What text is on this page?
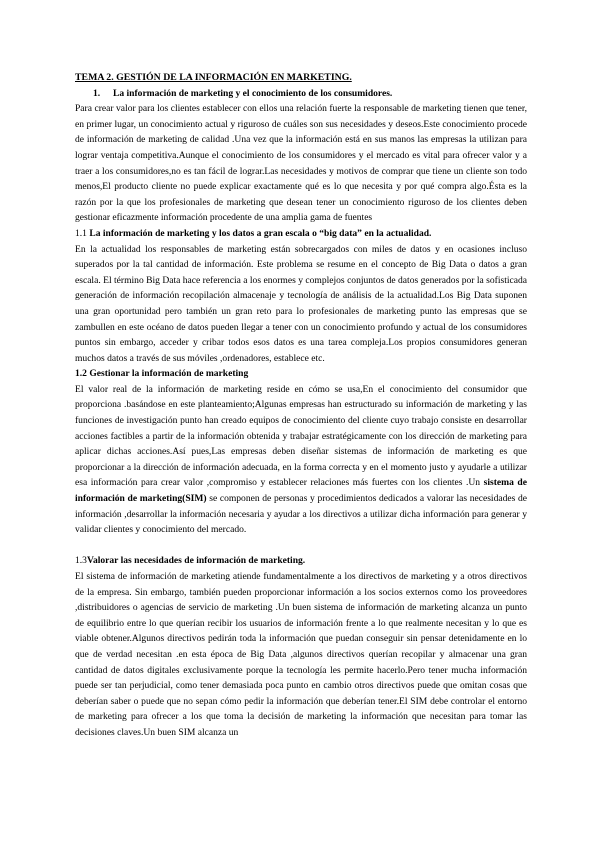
TEMA 2. GESTIÓN DE LA INFORMACIÓN EN MARKETING.

1. La información de marketing y el conocimiento de los consumidores.

Para crear valor para los clientes establecer con ellos una relación fuerte la responsable de marketing tienen que tener, en primer lugar, un conocimiento actual y riguroso de cuáles son sus necesidades y deseos.Este conocimiento procede de información de marketing de calidad .Una vez que la información está en sus manos las empresas la utilizan para lograr ventaja competitiva.Aunque el conocimiento de los consumidores y el mercado es vital para ofrecer valor y a traer a los consumidores,no es tan fácil de lograr.Las necesidades y motivos de comprar que tiene un cliente son todo menos,El producto cliente no puede explicar exactamente qué es lo que necesita y por qué compra algo.Ésta es la razón por la que los profesionales de marketing que desean tener un conocimiento riguroso de los clientes deben gestionar eficazmente información procedente de una amplia gama de fuentes

1.1 La información de marketing y los datos a gran escala o “big data” en la actualidad.

En la actualidad los responsables de marketing están sobrecargados con miles de datos y en ocasiones incluso superados por la tal cantidad de información. Este problema se resume en el concepto de Big Data o datos a gran escala. El término Big Data hace referencia a los enormes y complejos conjuntos de datos generados por la sofisticada generación de información recopilación almacenaje y tecnología de análisis de la actualidad.Los Big Data suponen una gran oportunidad pero también un gran reto para lo profesionales de marketing punto las empresas que se zambullen en este océano de datos pueden llegar a tener con un conocimiento profundo y actual de los consumidores puntos sin embargo, acceder y cribar todos esos datos es una tarea compleja.Los propios consumidores generan muchos datos a través de sus móviles ,ordenadores, establece etc.

1.2 Gestionar la información de marketing

El valor real de la información de marketing reside en cómo se usa,En el conocimiento del consumidor que proporciona .basándose en este planteamiento;Algunas empresas han estructurado su información de marketing y las funciones de investigación punto han creado equipos de conocimiento del cliente cuyo trabajo consiste en desarrollar acciones factibles a partir de la información obtenida y trabajar estratégicamente con los dirección de marketing para aplicar dichas acciones.Así pues,Las empresas deben diseñar sistemas de información de marketing es que proporcionar a la dirección de información adecuada, en la forma correcta y en el momento justo y ayudarle a utilizar esa información para crear valor ,compromiso y establecer relaciones más fuertes con los clientes .Un sistema de información de marketing(SIM) se componen de personas y procedimientos dedicados a valorar las necesidades de información ,desarrollar la información necesaria y ayudar a los directivos a utilizar dicha información para generar y validar clientes y conocimiento del mercado.

1.3Valorar las necesidades de información de marketing.

El sistema de información de marketing atiende fundamentalmente a los directivos de marketing y a otros directivos de la empresa. Sin embargo, también pueden proporcionar información a los socios externos como los proveedores ,distribuidores o agencias de servicio de marketing .Un buen sistema de información de marketing alcanza un punto de equilibrio entre lo que querían recibir los usuarios de información frente a lo que realmente necesitan y lo que es viable obtener.Algunos directivos pedirán toda la información que puedan conseguir sin pensar detenidamente en lo que de verdad necesitan .en esta época de Big Data ,algunos directivos querían recopilar y almacenar una gran cantidad de datos digitales exclusivamente porque la tecnología les permite hacerlo.Pero tener mucha información puede ser tan perjudicial, como tener demasiada poca punto en cambio otros directivos puede que omitan cosas que deberían saber o puede que no sepan cómo pedir la información que deberían tener.El SIM debe controlar el entorno de marketing para ofrecer a los que toma la decisión de marketing la información que necesitan para tomar las decisiones claves.Un buen SIM alcanza un
